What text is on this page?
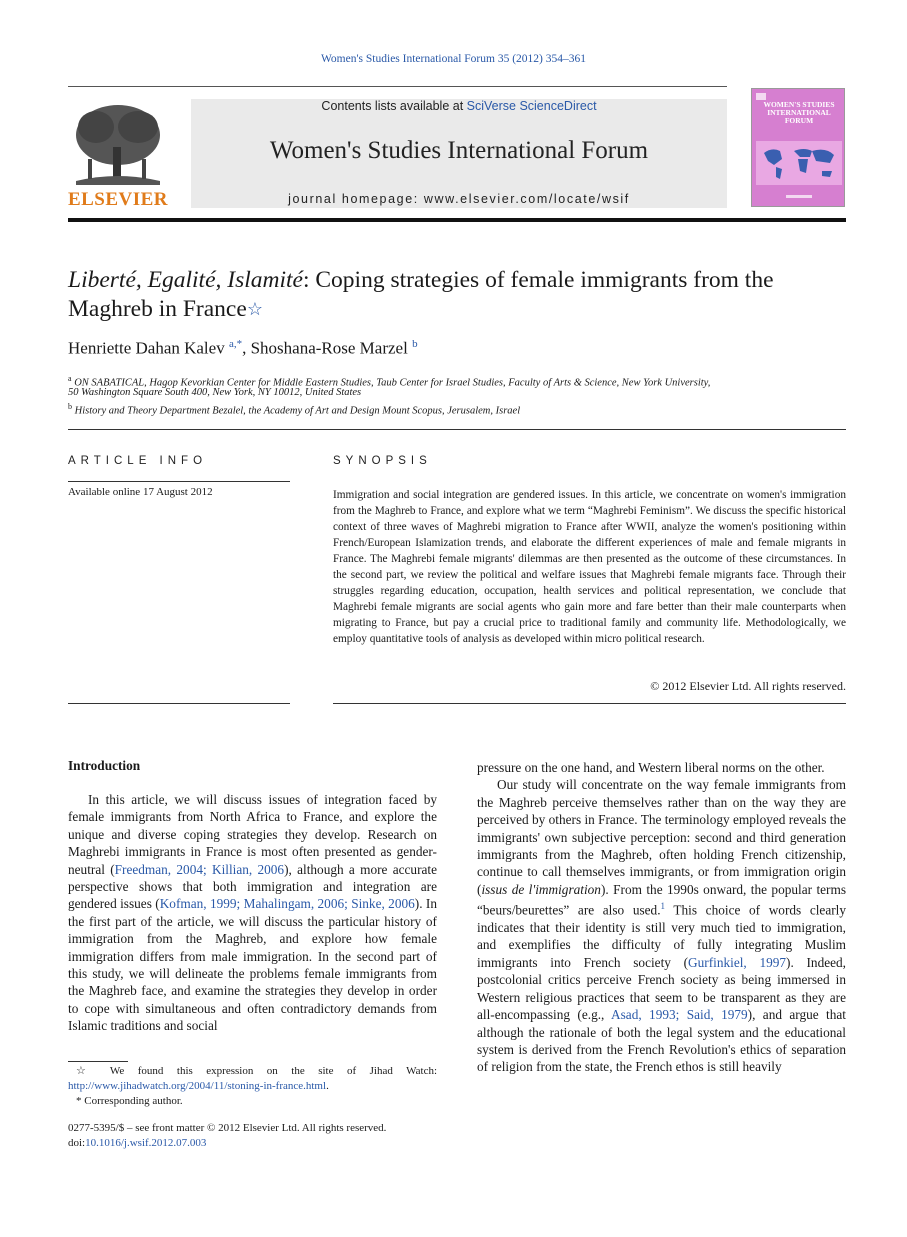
Women's Studies International Forum 35 (2012) 354–361
ELSEVIER
Contents lists available at SciVerse ScienceDirect
Women's Studies International Forum
journal homepage: www.elsevier.com/locate/wsif
WOMEN'S STUDIES INTERNATIONAL FORUM
Liberté, Egalité, Islamité: Coping strategies of female immigrants from the Maghreb in France☆
Henriette Dahan Kalev $^{a,*}$, Shoshana-Rose Marzel $^b$
$^a$ ON SABATICAL, Hagop Kevorkian Center for Middle Eastern Studies, Taub Center for Israel Studies, Faculty of Arts & Science, New York University,
50 Washington Square South 400, New York, NY 10012, United States
$^b$ History and Theory Department Bezalel, the Academy of Art and Design Mount Scopus, Jerusalem, Israel
ARTICLE INFO	SYNOPSIS
Available online 17 August 2012	Immigration and social integration are gendered issues. In this article, we concentrate on women's immigration from the Maghreb to France, and explore what we term “Maghrebi Feminism”. We discuss the specific historical context of three waves of Maghrebi migration to France after WWII, analyze the women's positioning within French/European Islamization trends, and elaborate the different experiences of male and female migrants in France. The Maghrebi female migrants' dilemmas are then presented as the outcome of these circumstances. In the second part, we review the political and welfare issues that Maghrebi female migrants face. Through their struggles regarding education, occupation, health services and political representation, we conclude that Maghrebi female migrants are social agents who gain more and fare better than their male counterparts when migrating to France, but pay a crucial price to traditional family and community life. Methodologically, we employ quantitative tools of analysis as developed within micro political research.
© 2012 Elsevier Ltd. All rights reserved.
Introduction

In this article, we will discuss issues of integration faced by female immigrants from North Africa to France, and explore the unique and diverse coping strategies they develop. Research on Maghrebi immigrants in France is most often presented as gender-neutral (Freedman, 2004; Killian, 2006), although a more accurate perspective shows that both immigration and integration are gendered issues (Kofman, 1999; Mahalingam, 2006; Sinke, 2006). In the first part of the article, we will discuss the particular history of immigration from the Maghreb, and explore how female immigration differs from male immigration. In the second part of this study, we will delineate the problems female immigrants from the Maghreb face, and examine the strategies they develop in order to cope with simultaneous and often contradictory demands from Islamic traditions and social

pressure on the one hand, and Western liberal norms on the other.

Our study will concentrate on the way female immigrants from the Maghreb perceive themselves rather than on the way they are perceived by others in France. The terminology employed reveals the immigrants' own subjective perception: second and third generation immigrants from the Maghreb, often holding French citizenship, continue to call themselves immigrants, or from immigration origin (issus de l'immigration). From the 1990s onward, the popular terms “beurs/beurettes” are also used.$^1$ This choice of words clearly indicates that their identity is still very much tied to immigration, and exemplifies the difficulty of fully integrating Muslim immigrants into French society (Gurfinkiel, 1997). Indeed, postcolonial critics perceive French society as being immersed in Western religious practices that seem to be transparent as they are all-encompassing (e.g., Asad, 1993; Said, 1979), and argue that although the rationale of both the legal system and the educational system is derived from the French Revolution's ethics of separation of religion from the state, the French ethos is still heavily

☆ We found this expression on the site of Jihad Watch: http://www.jihadwatch.org/2004/11/stoning-in-france.html.
* Corresponding author.
0277-5395/$ – see front matter © 2012 Elsevier Ltd. All rights reserved.
doi:10.1016/j.wsif.2012.07.003
